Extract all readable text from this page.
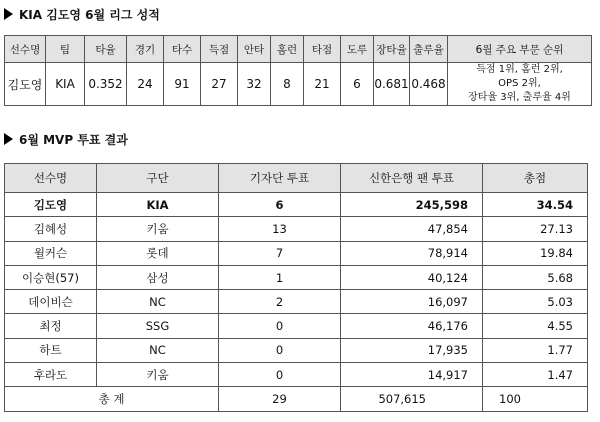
KIA 김도영 6월 리그 성적
선수명	팀	타율	경기	타수	득점	안타	홈런	타점	도루	장타율	출루율	6월 주요 부문 순위
김도영	KIA	0.352	24	91	27	32	8	21	6	0.681	0.468	득점 1위, 홈런 2위,
OPS 2위,
장타율 3위, 출루율 4위
6월 MVP 투표 결과
선수명	구단	기자단 투표	신한은행 팬 투표	총점
김도영	KIA	6	245,598	34.54
김혜성	키움	13	47,854	27.13
윌커슨	롯데	7	78,914	19.84
이승현(57)	삼성	1	40,124	5.68
데이비슨	NC	2	16,097	5.03
최정	SSG	0	46,176	4.55
하트	NC	0	17,935	1.77
후라도	키움	0	14,917	1.47
총 계		29	507,615	100
